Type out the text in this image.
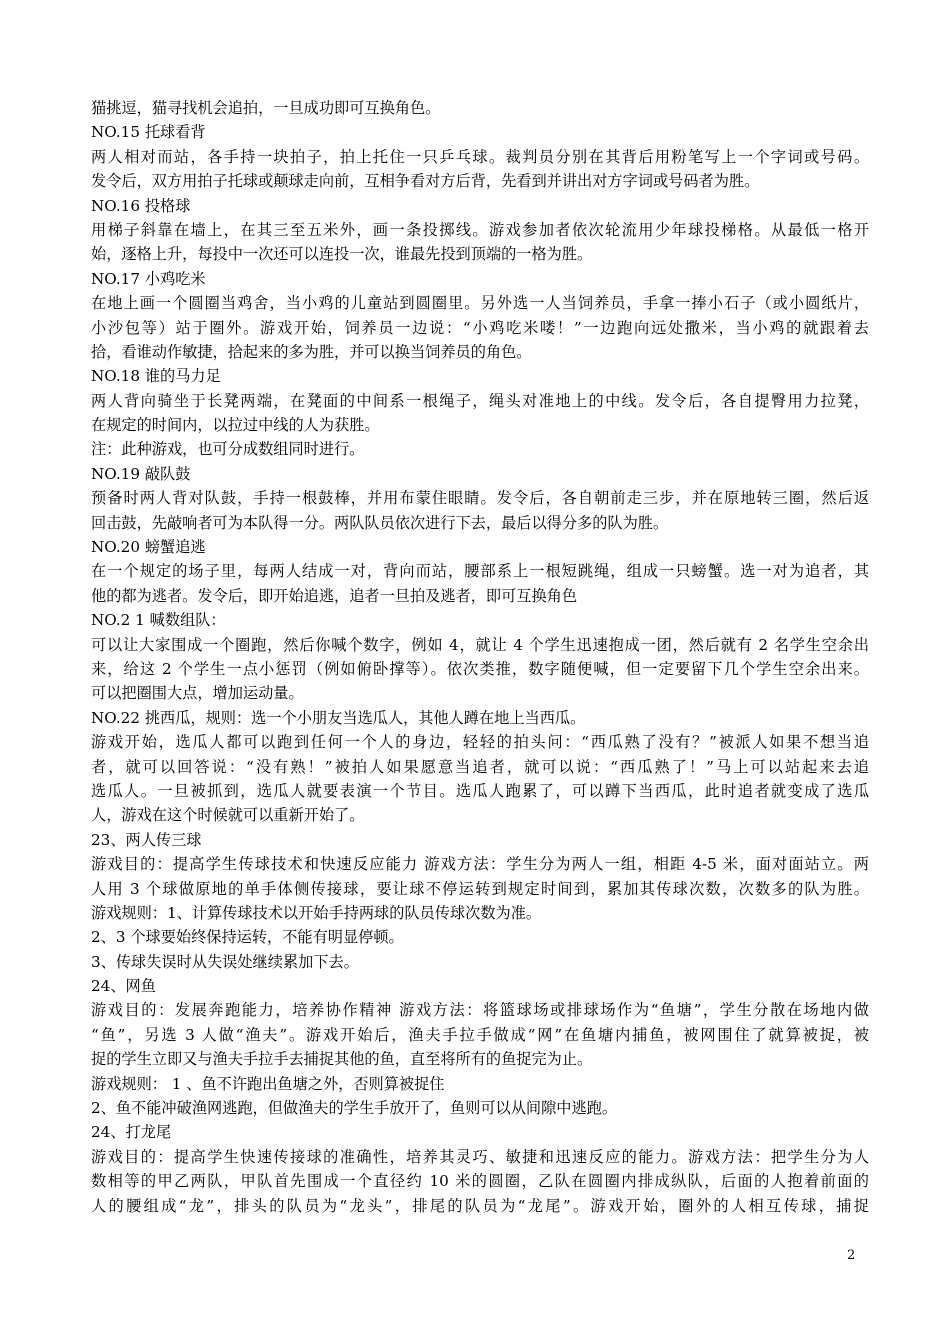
猫挑逗，猫寻找机会追拍，一旦成功即可互换角色。
NO.15 托球看背
两人相对而站，各手持一块拍子，拍上托住一只乒乓球。裁判员分别在其背后用粉笔写上一个字词或号码。
发令后，双方用拍子托球或颠球走向前，互相争看对方后背，先看到并讲出对方字词或号码者为胜。
NO.16 投格球
用梯子斜靠在墙上，在其三至五米外，画一条投掷线。游戏参加者依次轮流用少年球投梯格。从最低一格开
始，逐格上升，每投中一次还可以连投一次，谁最先投到顶端的一格为胜。
NO.17 小鸡吃米
在地上画一个圆圈当鸡舍，当小鸡的儿童站到圆圈里。另外选一人当饲养员，手拿一捧小石子（或小圆纸片，
小沙包等）站于圈外。游戏开始，饲养员一边说：“小鸡吃米喽！”一边跑向远处撒米，当小鸡的就跟着去
拾，看谁动作敏捷，拾起来的多为胜，并可以换当饲养员的角色。
NO.18 谁的马力足
两人背向骑坐于长凳两端，在凳面的中间系一根绳子，绳头对准地上的中线。发令后，各自提臀用力拉凳，
在规定的时间内，以拉过中线的人为获胜。
注：此种游戏，也可分成数组同时进行。
NO.19 敲队鼓
预备时两人背对队鼓，手持一根鼓棒，并用布蒙住眼睛。发令后，各自朝前走三步，并在原地转三圈，然后返
回击鼓，先敲响者可为本队得一分。两队队员依次进行下去，最后以得分多的队为胜。
NO.20 螃蟹追逃
在一个规定的场子里，每两人结成一对，背向而站，腰部系上一根短跳绳，组成一只螃蟹。选一对为追者，其
他的都为逃者。发令后，即开始追逃，追者一旦拍及逃者，即可互换角色
NO.2 1 喊数组队：
可以让大家围成一个圈跑，然后你喊个数字，例如 4，就让 4 个学生迅速抱成一团，然后就有 2 名学生空余出
来，给这 2 个学生一点小惩罚（例如俯卧撑等）。依次类推，数字随便喊，但一定要留下几个学生空余出来。
可以把圈围大点，增加运动量。
NO.22 挑西瓜，规则：选一个小朋友当选瓜人，其他人蹲在地上当西瓜。
游戏开始，选瓜人都可以跑到任何一个人的身边，轻轻的拍头问：“西瓜熟了没有？”被派人如果不想当追
者，就可以回答说：“没有熟！”被拍人如果愿意当追者，就可以说：“西瓜熟了！”马上可以站起来去追
选瓜人。一旦被抓到，选瓜人就要表演一个节目。选瓜人跑累了，可以蹲下当西瓜，此时追者就变成了选瓜
人，游戏在这个时候就可以重新开始了。
23、两人传三球
游戏目的：提高学生传球技术和快速反应能力 游戏方法：学生分为两人一组，相距 4-5 米，面对面站立。两
人用 3 个球做原地的单手体侧传接球，要让球不停运转到规定时间到，累加其传球次数，次数多的队为胜。
游戏规则：1、计算传球技术以开始手持两球的队员传球次数为准。
2、3 个球要始终保持运转，不能有明显停顿。
3、传球失误时从失误处继续累加下去。
24、网鱼
游戏目的：发展奔跑能力，培养协作精神 游戏方法：将篮球场或排球场作为“鱼塘”，学生分散在场地内做
“鱼”，另选 3 人做“渔夫”。游戏开始后，渔夫手拉手做成“网”在鱼塘内捕鱼，被网围住了就算被捉，被
捉的学生立即又与渔夫手拉手去捕捉其他的鱼，直至将所有的鱼捉完为止。
游戏规则： 1 、鱼不许跑出鱼塘之外，否则算被捉住
2、鱼不能冲破渔网逃跑，但做渔夫的学生手放开了，鱼则可以从间隙中逃跑。
24、打龙尾
游戏目的：提高学生快速传接球的准确性，培养其灵巧、敏捷和迅速反应的能力。游戏方法：把学生分为人
数相等的甲乙两队，甲队首先围成一个直径约 10 米的圆圈，乙队在圆圈内排成纵队，后面的人抱着前面的
人的腰组成“龙”，排头的队员为“龙头”，排尾的队员为“龙尾”。游戏开始，圈外的人相互传球，捕捉
2
